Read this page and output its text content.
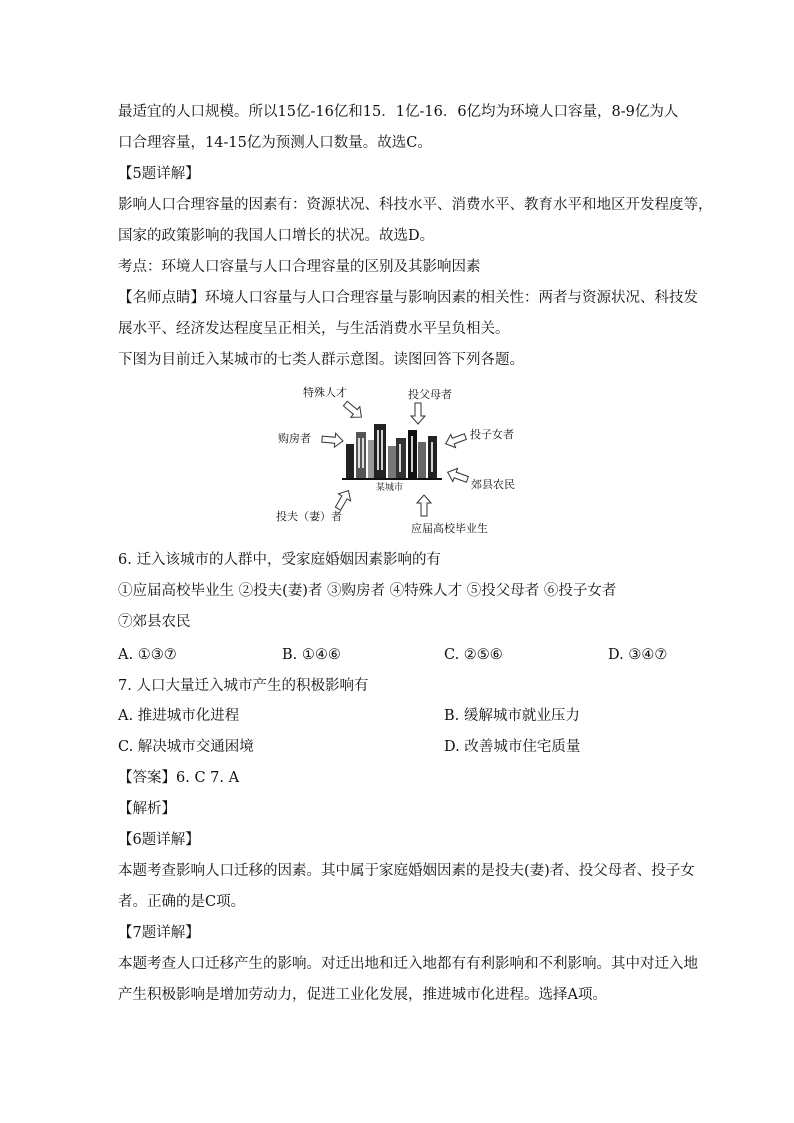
最适宜的人口规模。所以15亿-16亿和15．1亿-16．6亿均为环境人口容量，8-9亿为人
口合理容量，14-15亿为预测人口数量。故选C。
【5题详解】
影响人口合理容量的因素有：资源状况、科技水平、消费水平、教育水平和地区开发程度等，
国家的政策影响的我国人口增长的状况。故选D。
考点：环境人口容量与人口合理容量的区别及其影响因素
【名师点睛】环境人口容量与人口合理容量与影响因素的相关性：两者与资源状况、科技发
展水平、经济发达程度呈正相关，与生活消费水平呈负相关。
下图为目前迁入某城市的七类人群示意图。读图回答下列各题。
特殊人才	投父母者
投子女者
郊县农民
应届高校毕业生
投夫（妻）者
购房者
某城市
6. 迁入该城市的人群中，受家庭婚姻因素影响的有
①应届高校毕业生 ②投夫(妻)者 ③购房者 ④特殊人才 ⑤投父母者 ⑥投子女者
⑦郊县农民
A. ①③⑦	B. ①④⑥	C. ②⑤⑥	D. ③④⑦
7. 人口大量迁入城市产生的积极影响有
A. 推进城市化进程	B. 缓解城市就业压力
C. 解决城市交通困境	D. 改善城市住宅质量
【答案】6. C 7. A
【解析】
【6题详解】
本题考查影响人口迁移的因素。其中属于家庭婚姻因素的是投夫(妻)者、投父母者、投子女
者。正确的是C项。
【7题详解】
本题考查人口迁移产生的影响。对迁出地和迁入地都有有利影响和不利影响。其中对迁入地
产生积极影响是增加劳动力，促进工业化发展，推进城市化进程。选择A项。
